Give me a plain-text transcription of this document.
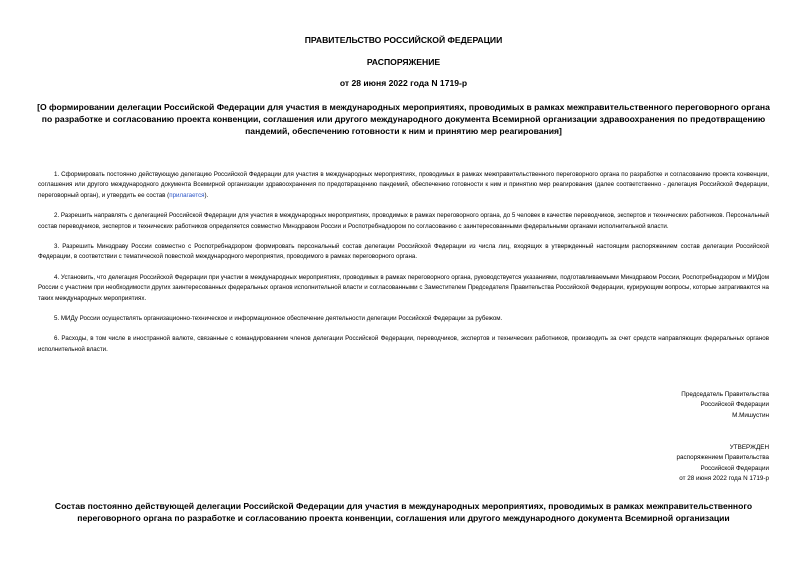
ПРАВИТЕЛЬСТВО РОССИЙСКОЙ ФЕДЕРАЦИИ
РАСПОРЯЖЕНИЕ
от 28 июня 2022 года N 1719-р
[О формировании делегации Российской Федерации для участия в международных мероприятиях, проводимых в рамках межправительственного переговорного органа по разработке и согласованию проекта конвенции, соглашения или другого международного документа Всемирной организации здравоохранения по предотвращению пандемий, обеспечению готовности к ним и принятию мер реагирования]

1. Сформировать постоянно действующую делегацию Российской Федерации для участия в международных мероприятиях, проводимых в рамках межправительственного переговорного органа по разработке и согласованию проекта конвенции, соглашения или другого международного документа Всемирной организации здравоохранения по предотвращению пандемий, обеспечению готовности к ним и принятию мер реагирования (далее соответственно - делегация Российской Федерации, переговорный орган), и утвердить ее состав (прилагается).

2. Разрешить направлять с делегацией Российской Федерации для участия в международных мероприятиях, проводимых в рамках переговорного органа, до 5 человек в качестве переводчиков, экспертов и технических работников. Персональный состав переводчиков, экспертов и технических работников определяется совместно Минздравом России и Роспотребнадзором по согласованию с заинтересованными федеральными органами исполнительной власти.

3. Разрешить Минздраву России совместно с Роспотребнадзором формировать персональный состав делегации Российской Федерации из числа лиц, входящих в утвержденный настоящим распоряжением состав делегации Российской Федерации, в соответствии с тематической повесткой международного мероприятия, проводимого в рамках переговорного органа.

4. Установить, что делегация Российской Федерации при участии в международных мероприятиях, проводимых в рамках переговорного органа, руководствуется указаниями, подготавливаемыми Минздравом России, Роспотребнадзором и МИДом России с участием при необходимости других заинтересованных федеральных органов исполнительной власти и согласованными с Заместителем Председателя Правительства Российской Федерации, курирующим вопросы, которые затрагиваются на таких международных мероприятиях.

5. МИДу России осуществлять организационно-техническое и информационное обеспечение деятельности делегации Российской Федерации за рубежом.

6. Расходы, в том числе в иностранной валюте, связанные с командированием членов делегации Российской Федерации, переводчиков, экспертов и технических работников, производить за счет средств направляющих федеральных органов исполнительной власти.

Председатель Правительства
Российской Федерации
М.Мишустин
УТВЕРЖДЕН
распоряжением Правительства
Российской Федерации
от 28 июня 2022 года N 1719-р
Состав постоянно действующей делегации Российской Федерации для участия в международных мероприятиях, проводимых в рамках межправительственного переговорного органа по разработке и согласованию проекта конвенции, соглашения или другого международного документа Всемирной организации
